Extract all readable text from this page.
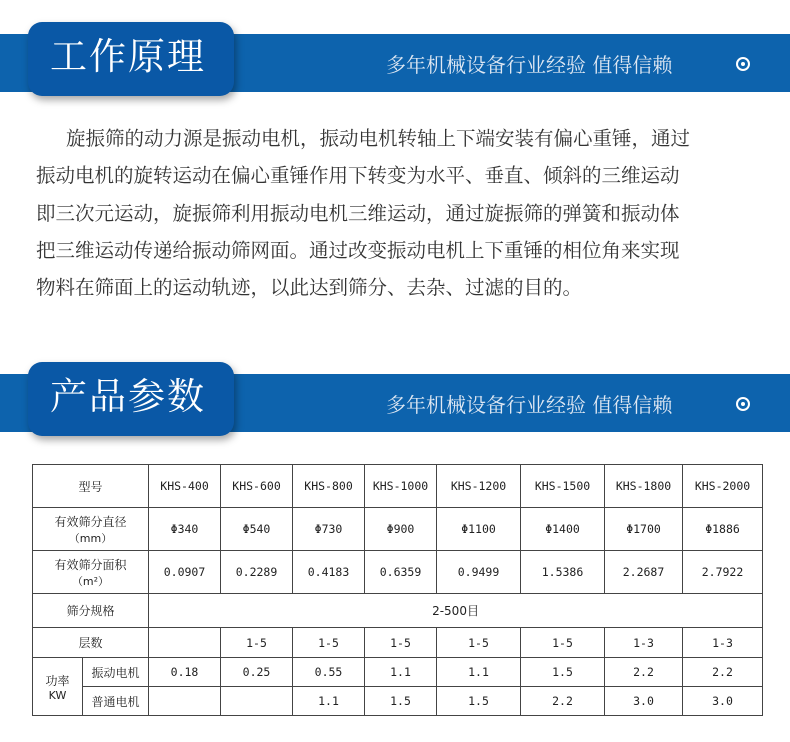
工作原理	多年机械设备行业经验 值得信赖
旋振筛的动力源是振动电机，振动电机转轴上下端安装有偏心重锤，通过
振动电机的旋转运动在偏心重锤作用下转变为水平、垂直、倾斜的三维运动
即三次元运动，旋振筛利用振动电机三维运动，通过旋振筛的弹簧和振动体
把三维运动传递给振动筛网面。通过改变振动电机上下重锤的相位角来实现
物料在筛面上的运动轨迹，以此达到筛分、去杂、过滤的目的。
产品参数	多年机械设备行业经验 值得信赖
型号		KHS-400	KHS-600	KHS-800	KHS-1000	KHS-1200	KHS-1500	KHS-1800	KHS-2000
有效筛分直径
（mm）		Φ340	Φ540	Φ730	Φ900	Φ1100	Φ1400	Φ1700	Φ1886
有效筛分面积
（m²）		0.0907	0.2289	0.4183	0.6359	0.9499	1.5386	2.2687	2.7922
筛分规格		2-500目							
层数			1-5	1-5	1-5	1-5	1-5	1-3	1-3
功率
KW	振动电机	0.18	0.25	0.55	1.1	1.1	1.5	2.2	2.2
	普通电机			1.1	1.5	1.5	2.2	3.0	3.0
